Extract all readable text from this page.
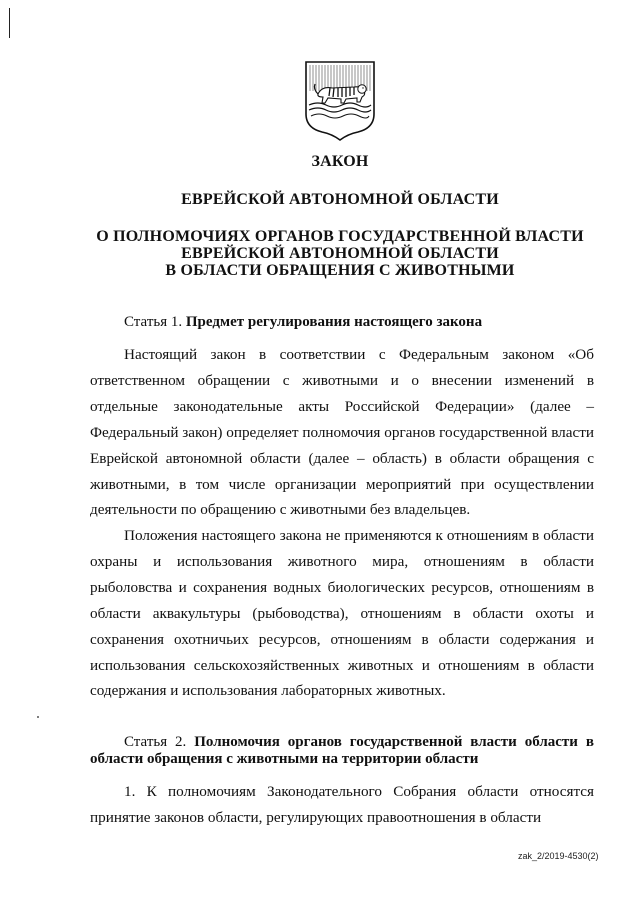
ЗАКОН
ЕВРЕЙСКОЙ АВТОНОМНОЙ ОБЛАСТИ
О ПОЛНОМОЧИЯХ ОРГАНОВ ГОСУДАРСТВЕННОЙ ВЛАСТИ
ЕВРЕЙСКОЙ АВТОНОМНОЙ ОБЛАСТИ
В ОБЛАСТИ ОБРАЩЕНИЯ С ЖИВОТНЫМИ
Статья 1. Предмет регулирования настоящего закона

Настоящий закон в соответствии с Федеральным законом «Об ответственном обращении с животными и о внесении изменений в отдельные законодательные акты Российской Федерации» (далее – Федеральный закон) определяет полномочия органов государственной власти Еврейской автономной области (далее – область) в области обращения с животными, в том числе организации мероприятий при осуществлении деятельности по обращению с животными без владельцев.

Положения настоящего закона не применяются к отношениям в области охраны и использования животного мира, отношениям в области рыболовства и сохранения водных биологических ресурсов, отношениям в области аквакультуры (рыбоводства), отношениям в области охоты и сохранения охотничьих ресурсов, отношениям в области содержания и использования сельскохозяйственных животных и отношениям в области содержания и использования лабораторных животных.

Статья 2. Полномочия органов государственной власти области в области обращения с животными на территории области

1. К полномочиям Законодательного Собрания области относятся принятие законов области, регулирующих правоотношения в области

zak_2/2019-4530(2)
